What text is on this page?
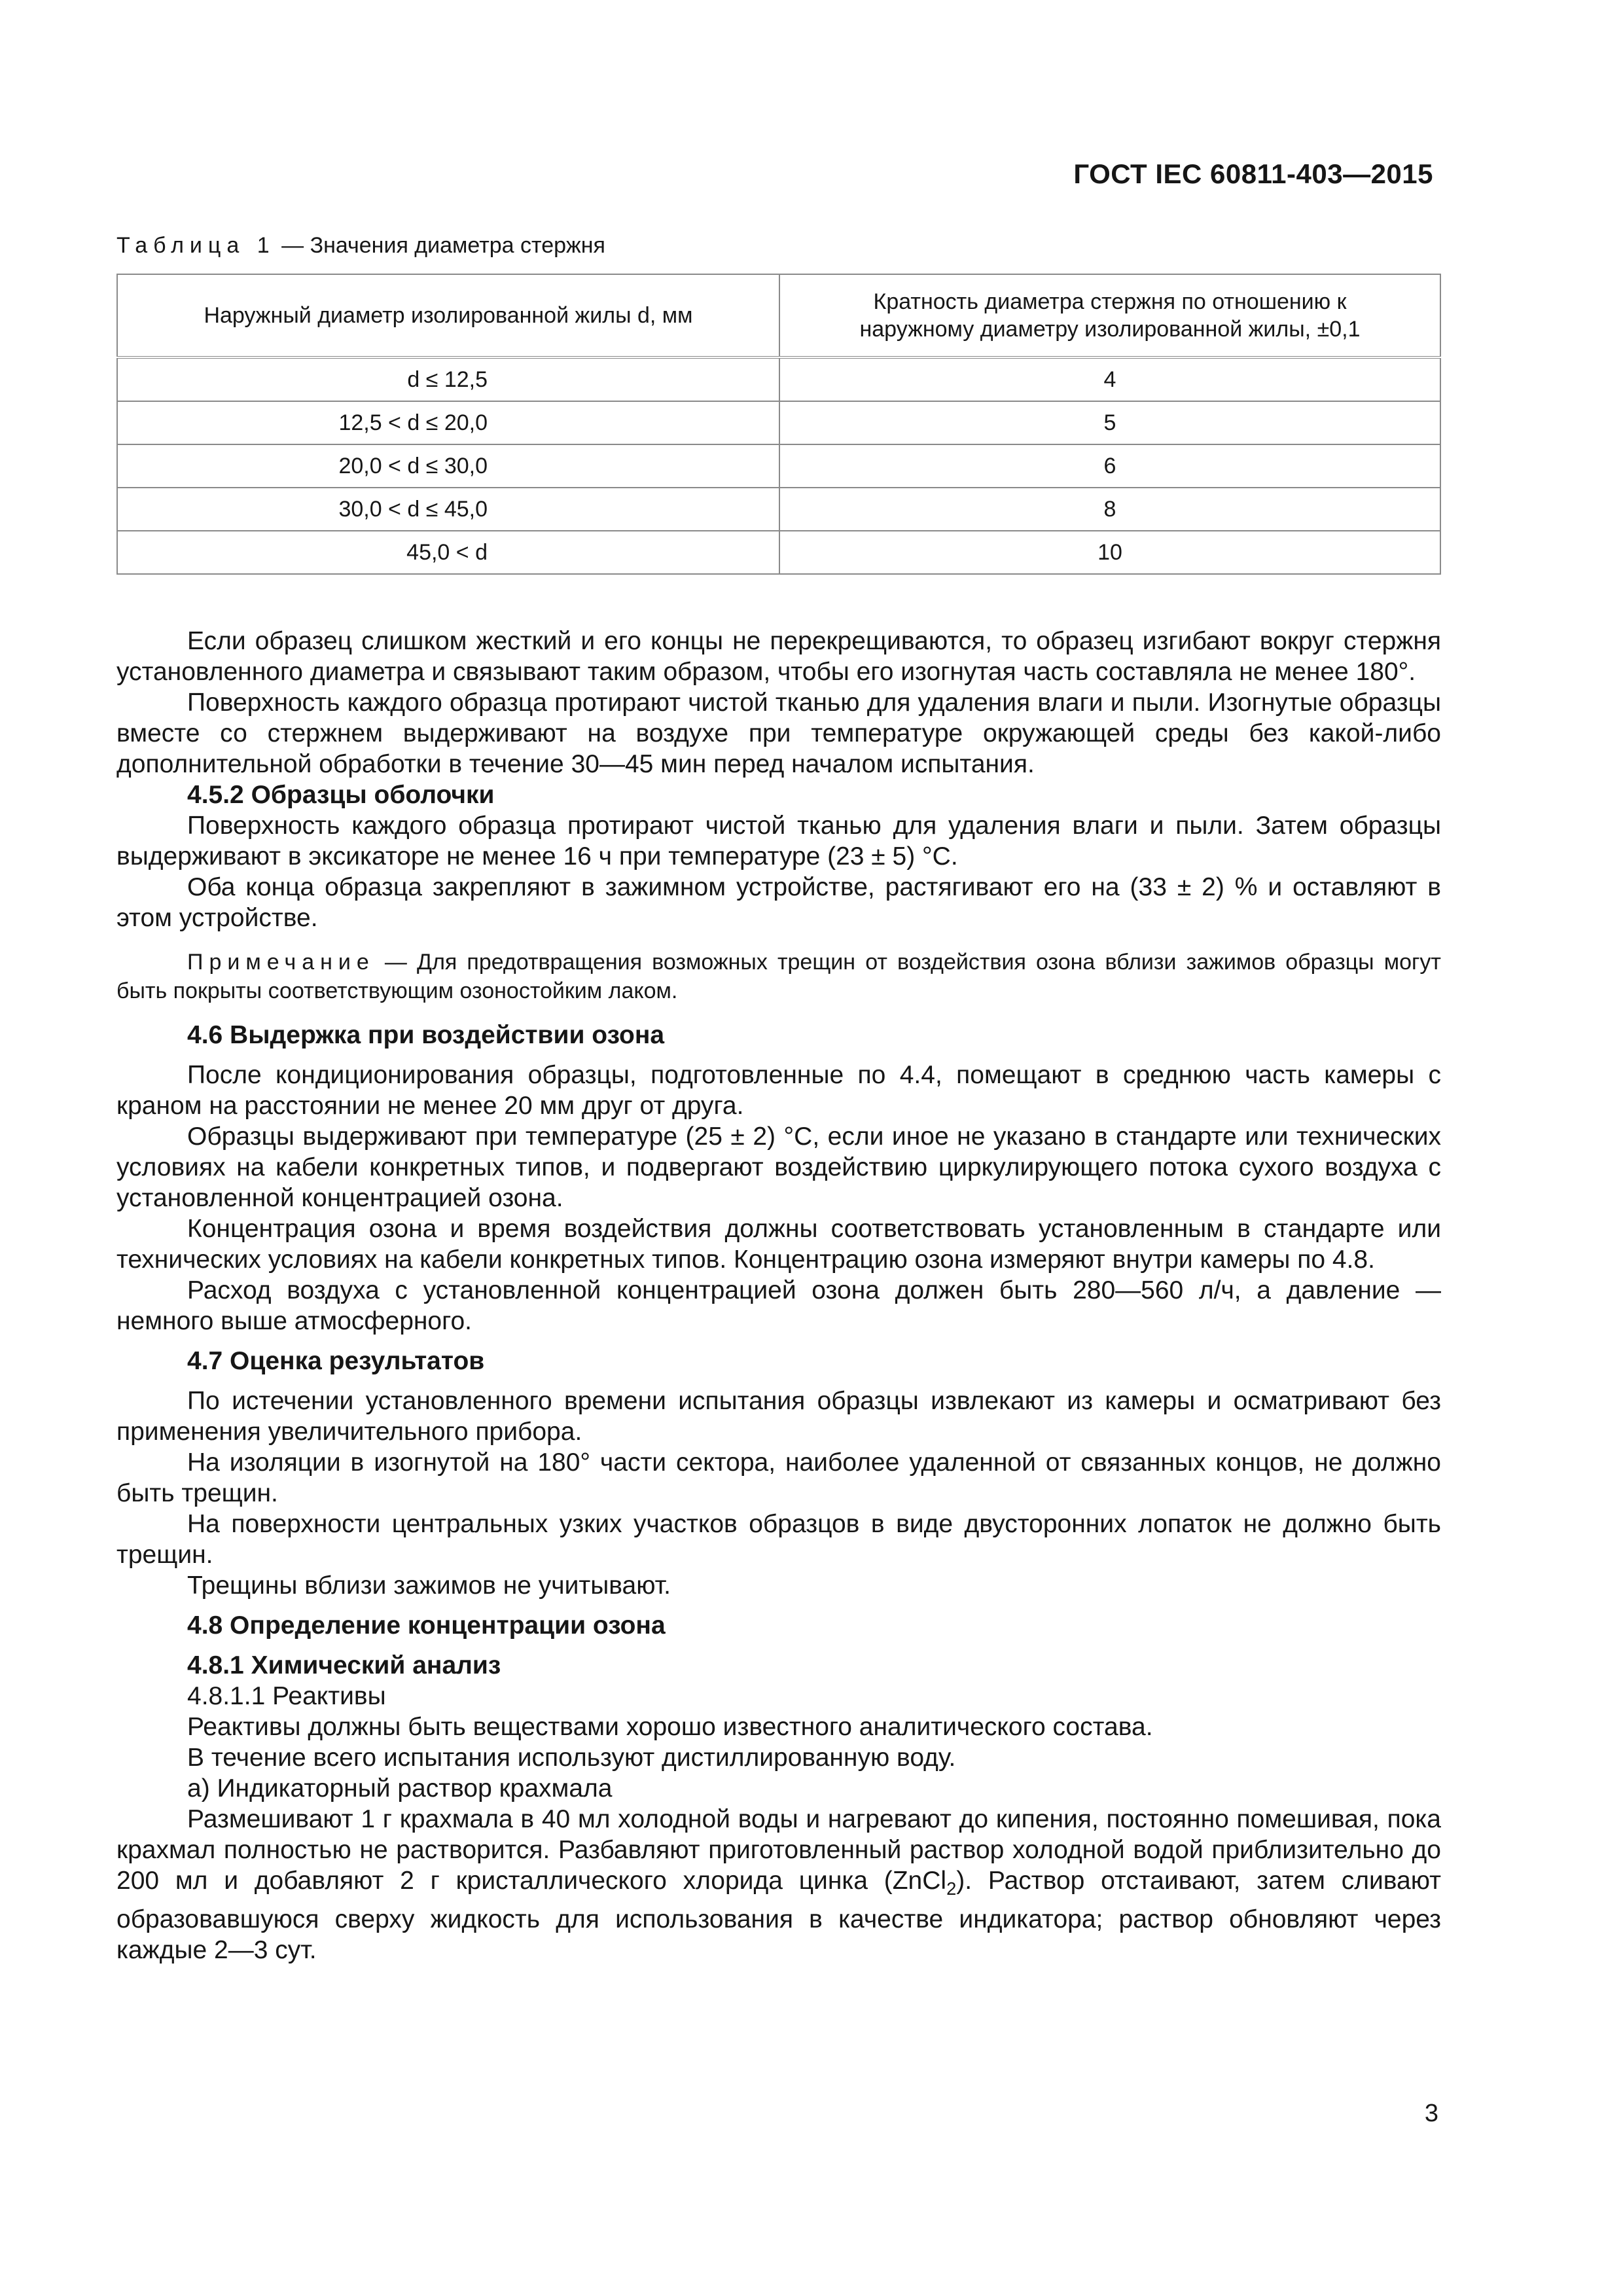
ГОСТ IEC 60811-403—2015
Таблица 1 — Значения диаметра стержня
Наружный диаметр изолированной жилы d, мм	Кратность диаметра стержня по отношению к наружному диаметру изолированной жилы, ±0,1

d ≤ 12,5	4
12,5 < d ≤ 20,0	5
20,0 < d ≤ 30,0	6
30,0 < d ≤ 45,0	8
45,0 < d	10

Если образец слишком жесткий и его концы не перекрещиваются, то образец изгибают вокруг стержня установленного диаметра и связывают таким образом, чтобы его изогнутая часть составляла не менее 180°.

Поверхность каждого образца протирают чистой тканью для удаления влаги и пыли. Изогнутые образцы вместе со стержнем выдерживают на воздухе при температуре окружающей среды без какой-либо дополнительной обработки в течение 30—45 мин перед началом испытания.

4.5.2 Образцы оболочки

Поверхность каждого образца протирают чистой тканью для удаления влаги и пыли. Затем образцы выдерживают в эксикаторе не менее 16 ч при температуре (23 ± 5) °С.

Оба конца образца закрепляют в зажимном устройстве, растягивают его на (33 ± 2) % и оставляют в этом устройстве.

Примечание — Для предотвращения возможных трещин от воздействия озона вблизи зажимов образцы могут быть покрыты соответствующим озоностойким лаком.

4.6 Выдержка при воздействии озона

После кондиционирования образцы, подготовленные по 4.4, помещают в среднюю часть камеры с краном на расстоянии не менее 20 мм друг от друга.

Образцы выдерживают при температуре (25 ± 2) °С, если иное не указано в стандарте или технических условиях на кабели конкретных типов, и подвергают воздействию циркулирующего потока сухого воздуха с установленной концентрацией озона.

Концентрация озона и время воздействия должны соответствовать установленным в стандарте или технических условиях на кабели конкретных типов. Концентрацию озона измеряют внутри камеры по 4.8.

Расход воздуха с установленной концентрацией озона должен быть 280—560 л/ч, а давление — немного выше атмосферного.

4.7 Оценка результатов

По истечении установленного времени испытания образцы извлекают из камеры и осматривают без применения увеличительного прибора.

На изоляции в изогнутой на 180° части сектора, наиболее удаленной от связанных концов, не должно быть трещин.

На поверхности центральных узких участков образцов в виде двусторонних лопаток не должно быть трещин.

Трещины вблизи зажимов не учитывают.

4.8 Определение концентрации озона

4.8.1 Химический анализ

4.8.1.1 Реактивы

Реактивы должны быть веществами хорошо известного аналитического состава.

В течение всего испытания используют дистиллированную воду.

а) Индикаторный раствор крахмала

Размешивают 1 г крахмала в 40 мл холодной воды и нагревают до кипения, постоянно помешивая, пока крахмал полностью не растворится. Разбавляют приготовленный раствор холодной водой приблизительно до 200 мл и добавляют 2 г кристаллического хлорида цинка (ZnCl$_2$). Раствор отстаивают, затем сливают образовавшуюся сверху жидкость для использования в качестве индикатора; раствор обновляют через каждые 2—3 сут.

3
